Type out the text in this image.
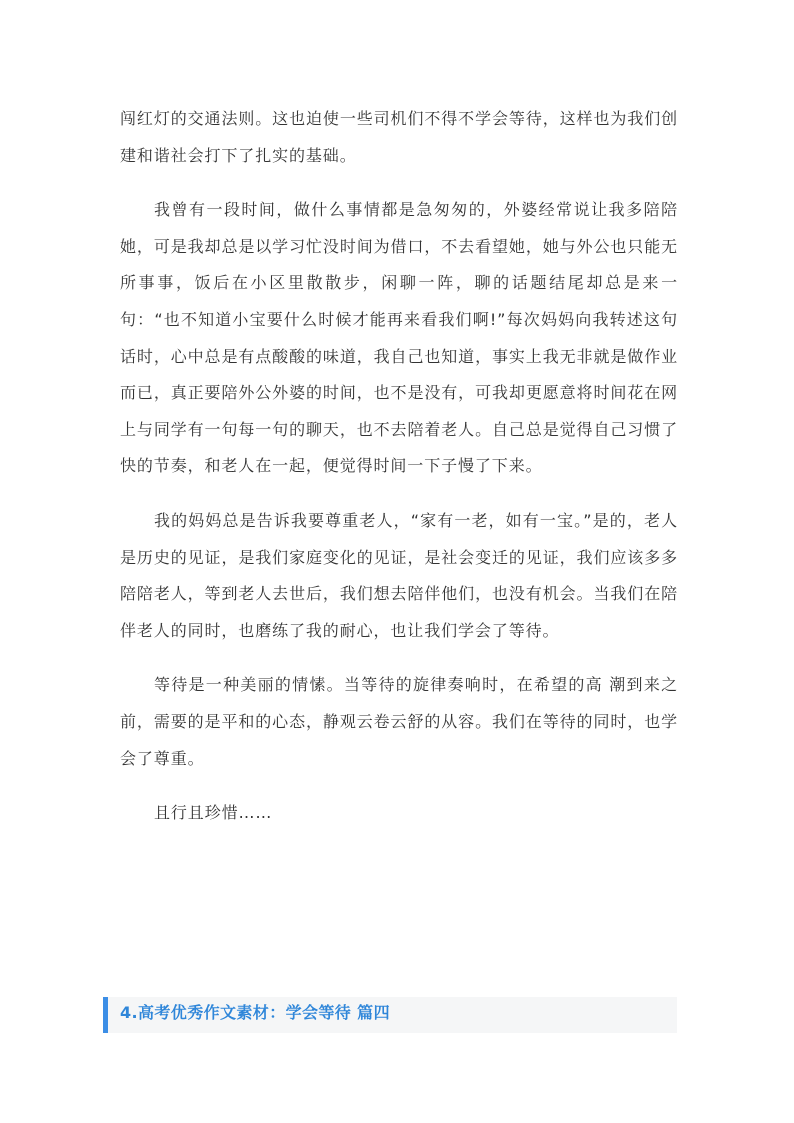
闯红灯的交通法则。这也迫使一些司机们不得不学会等待，这样也为我们创建和谐社会打下了扎实的基础。

我曾有一段时间，做什么事情都是急匆匆的，外婆经常说让我多陪陪她，可是我却总是以学习忙没时间为借口，不去看望她，她与外公也只能无所事事，饭后在小区里散散步，闲聊一阵，聊的话题结尾却总是来一句：“也不知道小宝要什么时候才能再来看我们啊!”每次妈妈向我转述这句话时，心中总是有点酸酸的味道，我自己也知道，事实上我无非就是做作业而已，真正要陪外公外婆的时间，也不是没有，可我却更愿意将时间花在网上与同学有一句每一句的聊天，也不去陪着老人。自己总是觉得自己习惯了快的节奏，和老人在一起，便觉得时间一下子慢了下来。

我的妈妈总是告诉我要尊重老人，“家有一老，如有一宝。”是的，老人是历史的见证，是我们家庭变化的见证，是社会变迁的见证，我们应该多多陪陪老人，等到老人去世后，我们想去陪伴他们，也没有机会。当我们在陪伴老人的同时，也磨练了我的耐心，也让我们学会了等待。

等待是一种美丽的情愫。当等待的旋律奏响时，在希望的高 潮到来之前，需要的是平和的心态，静观云卷云舒的从容。我们在等待的同时，也学会了尊重。

且行且珍惜……

4.高考优秀作文素材：学会等待 篇四
